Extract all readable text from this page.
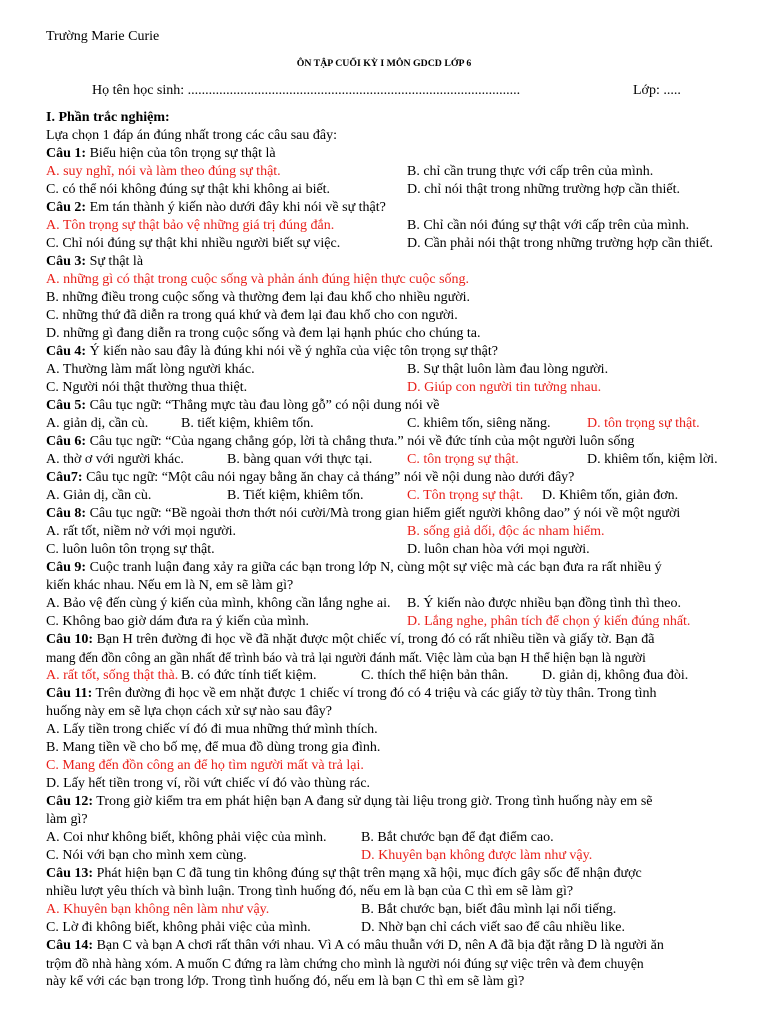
Trường Marie Curie
ÔN TẬP CUỐI KỲ I MÔN GDCD LỚP 6
Họ tên học sinh: ...............................................................................................	Lớp: .....
I. Phần trắc nghiệm:
Lựa chọn 1 đáp án đúng nhất trong các câu sau đây:
Câu 1: Biểu hiện của tôn trọng sự thật là
A. suy nghĩ, nói và làm theo đúng sự thật.	B. chỉ cần trung thực với cấp trên của mình.
C. có thể nói không đúng sự thật khi không ai biết.	D. chỉ nói thật trong những trường hợp cần thiết.
Câu 2: Em tán thành ý kiến nào dưới đây khi nói về sự thật?
A. Tôn trọng sự thật bảo vệ những giá trị đúng đắn.	B. Chỉ cần nói đúng sự thật với cấp trên của mình.
C. Chỉ nói đúng sự thật khi nhiều người biết sự việc.	D. Cần phải nói thật trong những trường hợp cần thiết.
Câu 3: Sự thật là
A. những gì có thật trong cuộc sống và phản ánh đúng hiện thực cuộc sống.
B. những điều trong cuộc sống và thường đem lại đau khổ cho nhiều người.
C. những thứ đã diễn ra trong quá khứ và đem lại đau khổ cho con người.
D. những gì đang diễn ra trong cuộc sống và đem lại hạnh phúc cho chúng ta.
Câu 4: Ý kiến nào sau đây là đúng khi nói về ý nghĩa của việc tôn trọng sự thật?
A. Thường làm mất lòng người khác.	B. Sự thật luôn làm đau lòng người.
C. Người nói thật thường thua thiệt.	D. Giúp con người tin tưởng nhau.
Câu 5: Câu tục ngữ: “Thẳng mực tàu đau lòng gỗ” có nội dung nói về
A. giản dị, cần cù. B. tiết kiệm, khiêm tốn.	C. khiêm tốn, siêng năng.	D. tôn trọng sự thật.
Câu 6: Câu tục ngữ: “Của ngang chẳng góp, lời tà chẳng thưa.” nói về đức tính của một người luôn sống
A. thờ ơ với người khác.	B. bàng quan với thực tại. C. tôn trọng sự thật.	D. khiêm tốn, kiệm lời.
Câu7: Câu tục ngữ: “Một câu nói ngay bằng ăn chay cả tháng” nói về nội dung nào dưới đây?
A. Giản dị, cần cù.	B. Tiết kiệm, khiêm tốn.	C. Tôn trọng sự thật. D. Khiêm tốn, giản đơn.
Câu 8: Câu tục ngữ: “Bề ngoài thơn thớt nói cười/Mà trong gian hiểm giết người không dao” ý nói về một người
A. rất tốt, niềm nở với mọi người.	B. sống giả dối, độc ác nham hiểm.
C. luôn luôn tôn trọng sự thật.	D. luôn chan hòa với mọi người.
Câu 9: Cuộc tranh luận đang xảy ra giữa các bạn trong lớp N, cùng một sự việc mà các bạn đưa ra rất nhiều ý
kiến khác nhau. Nếu em là N, em sẽ làm gì?
A. Bảo vệ đến cùng ý kiến của mình, không cần lắng nghe ai. B. Ý kiến nào được nhiều bạn đồng tình thì theo.
C. Không bao giờ dám đưa ra ý kiến của mình.	D. Lắng nghe, phân tích để chọn ý kiến đúng nhất.
Câu 10: Bạn H trên đường đi học về đã nhặt được một chiếc ví, trong đó có rất nhiều tiền và giấy tờ. Bạn đã
mang đến đồn công an gần nhất để trình báo và trả lại người đánh mất. Việc làm của bạn H thể hiện bạn là người
A. rất tốt, sống thật thà. B. có đức tính tiết kiệm.	C. thích thể hiện bản thân. D. giản dị, không đua đòi.
Câu 11: Trên đường đi học về em nhặt được 1 chiếc ví trong đó có 4 triệu và các giấy tờ tùy thân. Trong tình
huống này em sẽ lựa chọn cách xử sự nào sau đây?
A. Lấy tiền trong chiếc ví đó đi mua những thứ mình thích.
B. Mang tiền về cho bố mẹ, để mua đồ dùng trong gia đình.
C. Mang đến đồn công an để họ tìm người mất và trả lại.
D. Lấy hết tiền trong ví, rồi vứt chiếc ví đó vào thùng rác.
Câu 12: Trong giờ kiểm tra em phát hiện bạn A đang sử dụng tài liệu trong giờ. Trong tình huống này em sẽ
làm gì?
A. Coi như không biết, không phải việc của mình. B. Bắt chước bạn để đạt điểm cao.
C. Nói với bạn cho mình xem cùng.	D. Khuyên bạn không được làm như vậy.
Câu 13: Phát hiện bạn C đã tung tin không đúng sự thật trên mạng xã hội, mục đích gây sốc để nhận được
nhiều lượt yêu thích và bình luận. Trong tình huống đó, nếu em là bạn của C thì em sẽ làm gì?
A. Khuyên bạn không nên làm như vậy.	B. Bắt chước bạn, biết đâu mình lại nổi tiếng.
C. Lờ đi không biết, không phải việc của mình.	D. Nhờ bạn chỉ cách viết sao để câu nhiều like.
Câu 14: Bạn C và bạn A chơi rất thân với nhau. Vì A có mâu thuẫn với D, nên A đã bịa đặt rằng D là người ăn
trộm đồ nhà hàng xóm. A muốn C đứng ra làm chứng cho mình là người nói đúng sự việc trên và đem chuyện
này kể với các bạn trong lớp. Trong tình huống đó, nếu em là bạn C thì em sẽ làm gì?
